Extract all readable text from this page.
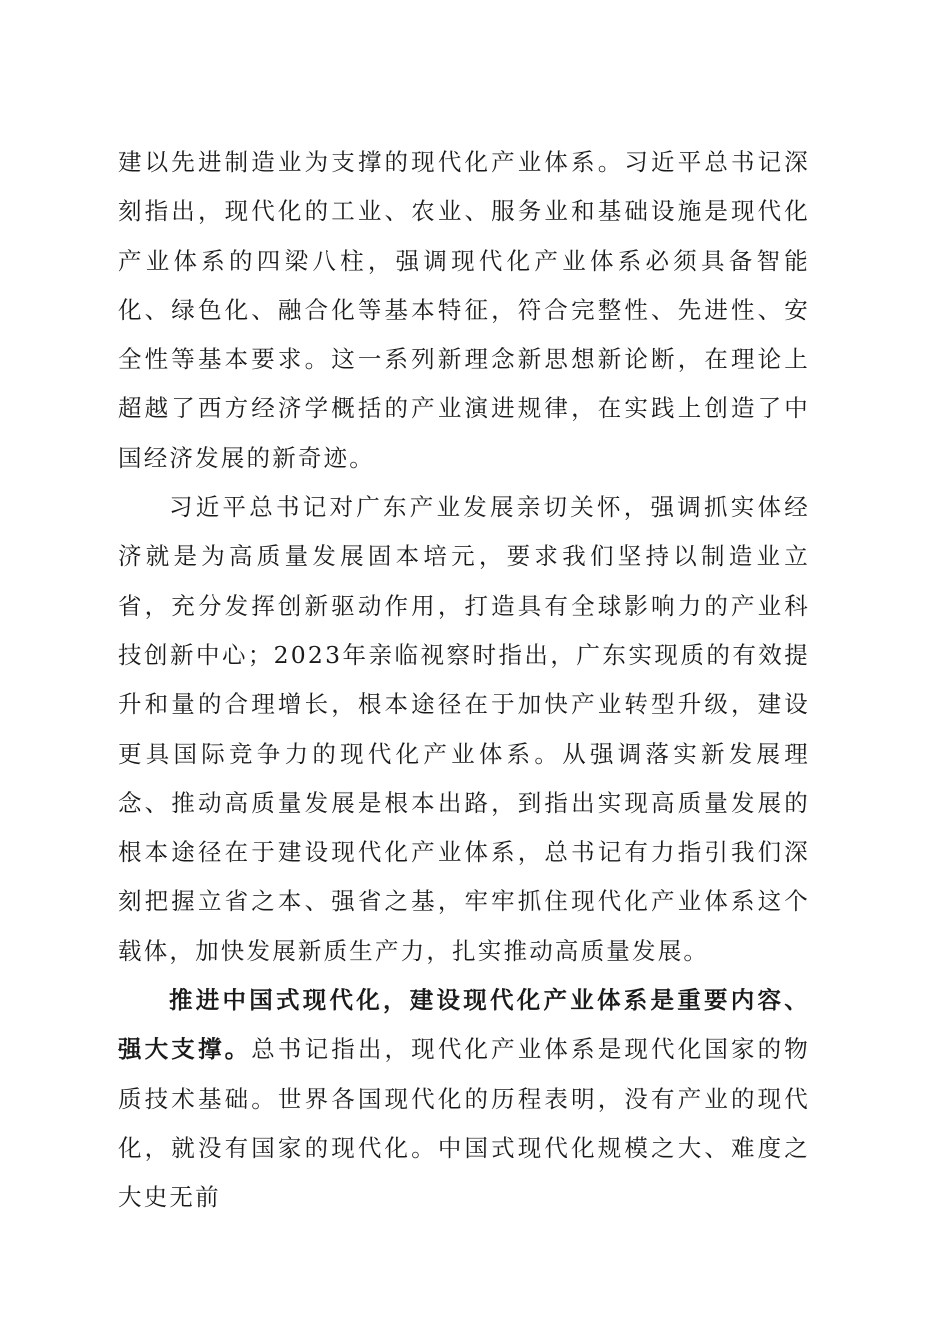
建以先进制造业为支撑的现代化产业体系。习近平总书记深刻指出，现代化的工业、农业、服务业和基础设施是现代化产业体系的四梁八柱，强调现代化产业体系必须具备智能化、绿色化、融合化等基本特征，符合完整性、先进性、安全性等基本要求。这一系列新理念新思想新论断，在理论上超越了西方经济学概括的产业演进规律，在实践上创造了中国经济发展的新奇迹。

习近平总书记对广东产业发展亲切关怀，强调抓实体经济就是为高质量发展固本培元，要求我们坚持以制造业立省，充分发挥创新驱动作用，打造具有全球影响力的产业科技创新中心；2023年亲临视察时指出，广东实现质的有效提升和量的合理增长，根本途径在于加快产业转型升级，建设更具国际竞争力的现代化产业体系。从强调落实新发展理念、推动高质量发展是根本出路，到指出实现高质量发展的根本途径在于建设现代化产业体系，总书记有力指引我们深刻把握立省之本、强省之基，牢牢抓住现代化产业体系这个载体，加快发展新质生产力，扎实推动高质量发展。

推进中国式现代化，建设现代化产业体系是重要内容、强大支撑。总书记指出，现代化产业体系是现代化国家的物质技术基础。世界各国现代化的历程表明，没有产业的现代化，就没有国家的现代化。中国式现代化规模之大、难度之大史无前
